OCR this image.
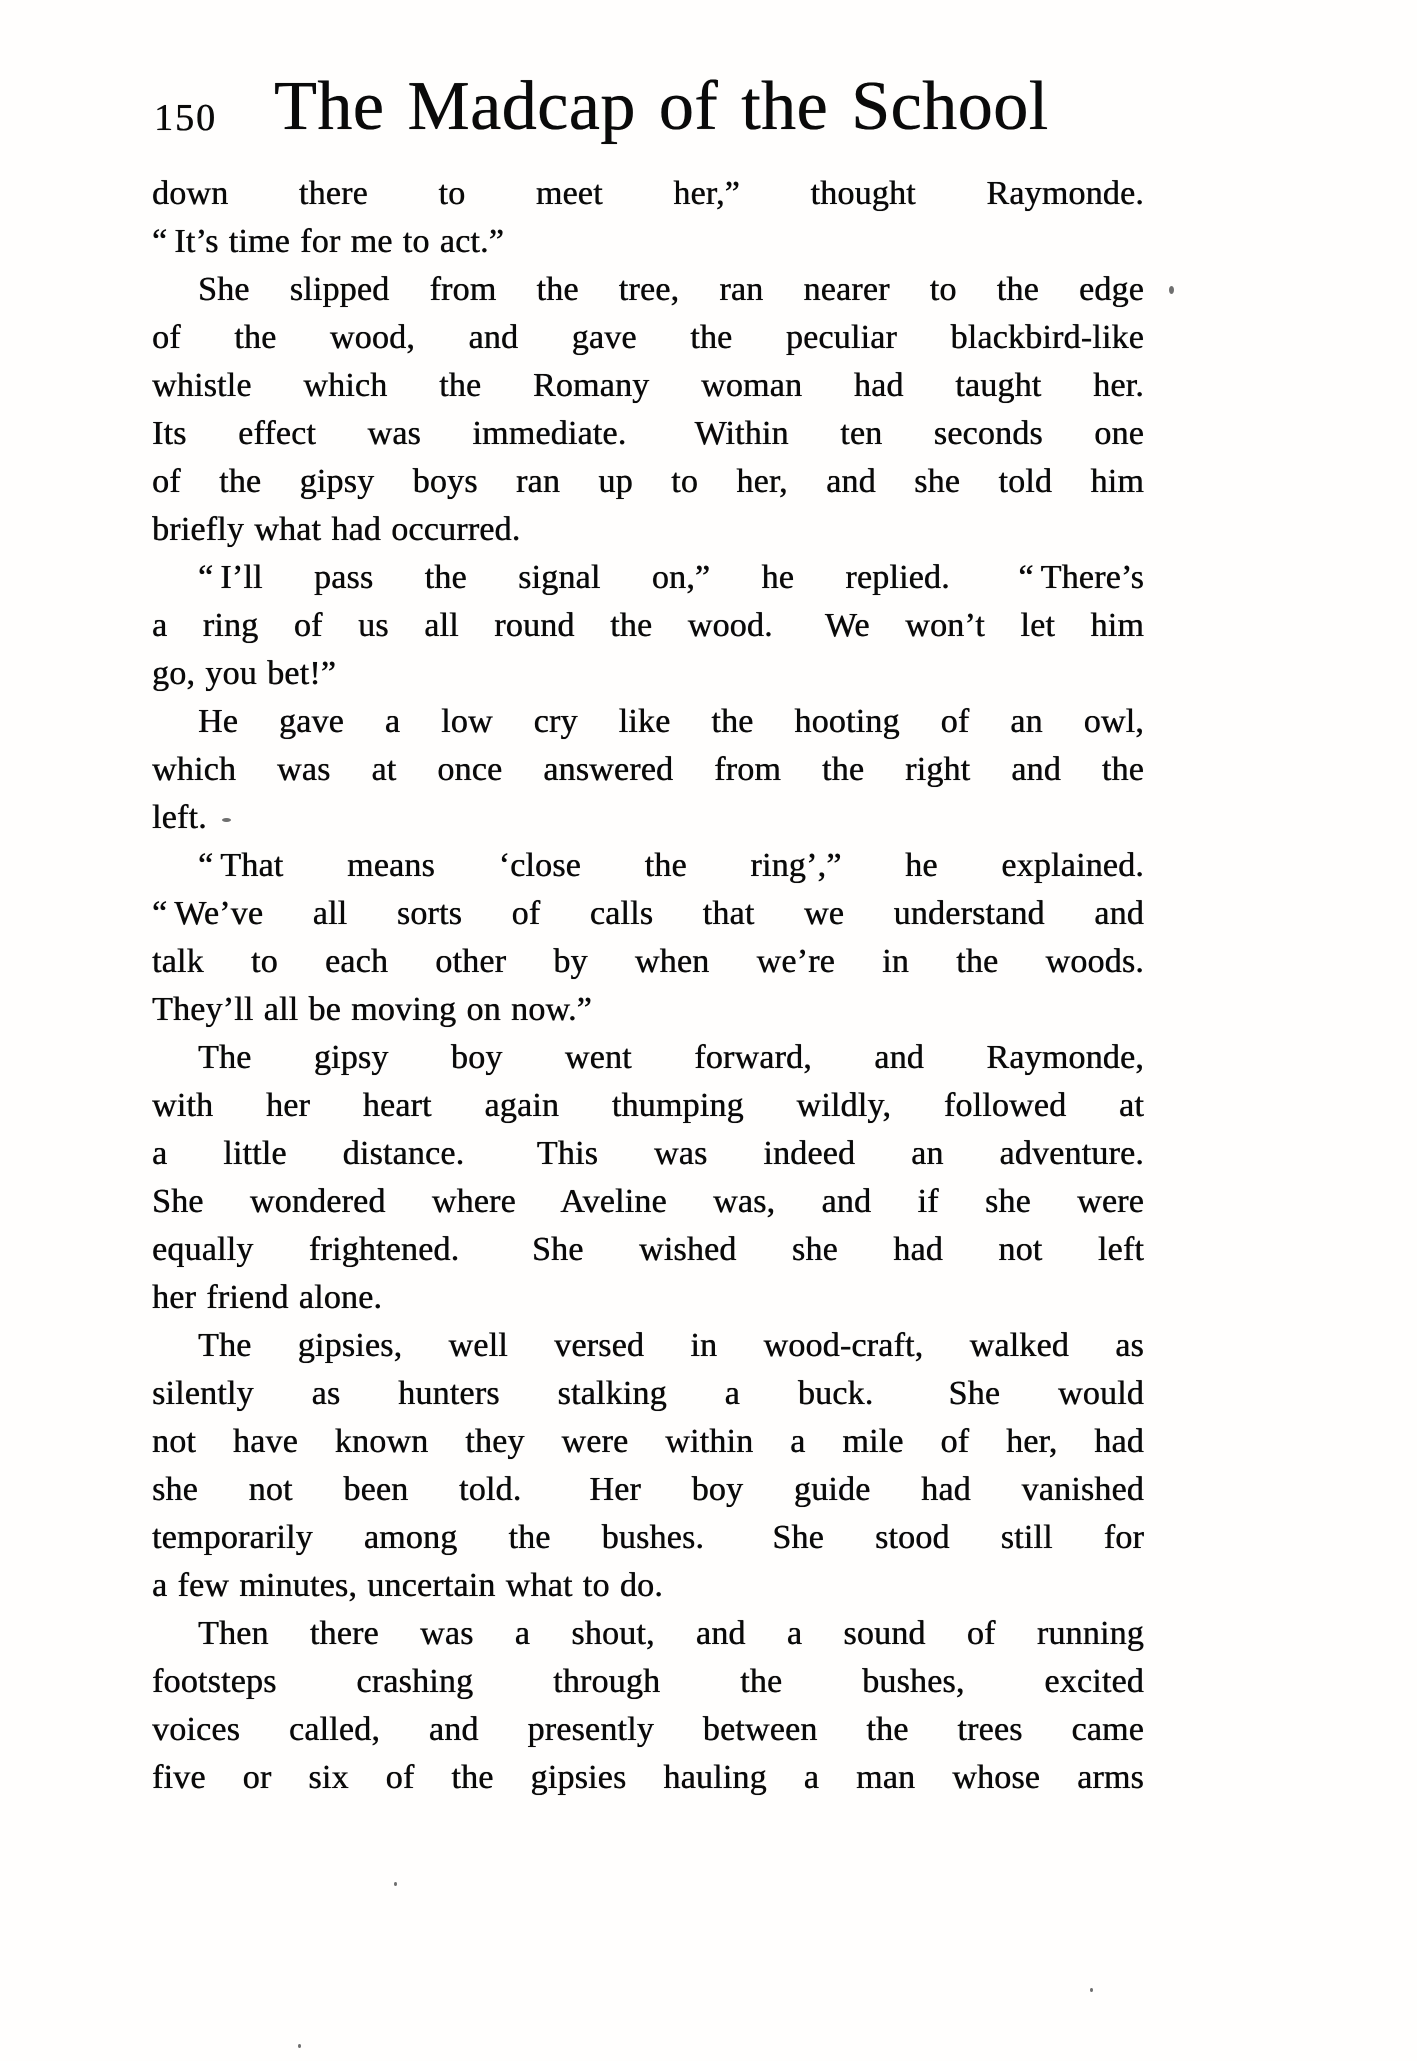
150 The Madcap of the School
down there to meet her,” thought Raymonde.
“ It’s time for me to act.”
She slipped from the tree, ran nearer to the edge
of the wood, and gave the peculiar blackbird-like
whistle which the Romany woman had taught her.
Its effect was immediate.  Within ten seconds one
of the gipsy boys ran up to her, and she told him
briefly what had occurred.
“ I’ll pass the signal on,” he replied.  “ There’s
a ring of us all round the wood.  We won’t let him
go, you bet!”
He gave a low cry like the hooting of an owl,
which was at once answered from the right and the
left.
“ That means ‘close the ring’,” he explained.
“ We’ve all sorts of calls that we understand and
talk to each other by when we’re in the woods.
They’ll all be moving on now.”
The gipsy boy went forward, and Raymonde,
with her heart again thumping wildly, followed at
a little distance.  This was indeed an adventure.
She wondered where Aveline was, and if she were
equally frightened.  She wished she had not left
her friend alone.
The gipsies, well versed in wood-craft, walked as
silently as hunters stalking a buck.  She would
not have known they were within a mile of her, had
she not been told.  Her boy guide had vanished
temporarily among the bushes.  She stood still for
a few minutes, uncertain what to do.
Then there was a shout, and a sound of running
footsteps crashing through the bushes, excited
voices called, and presently between the trees came
five or six of the gipsies hauling a man whose arms
